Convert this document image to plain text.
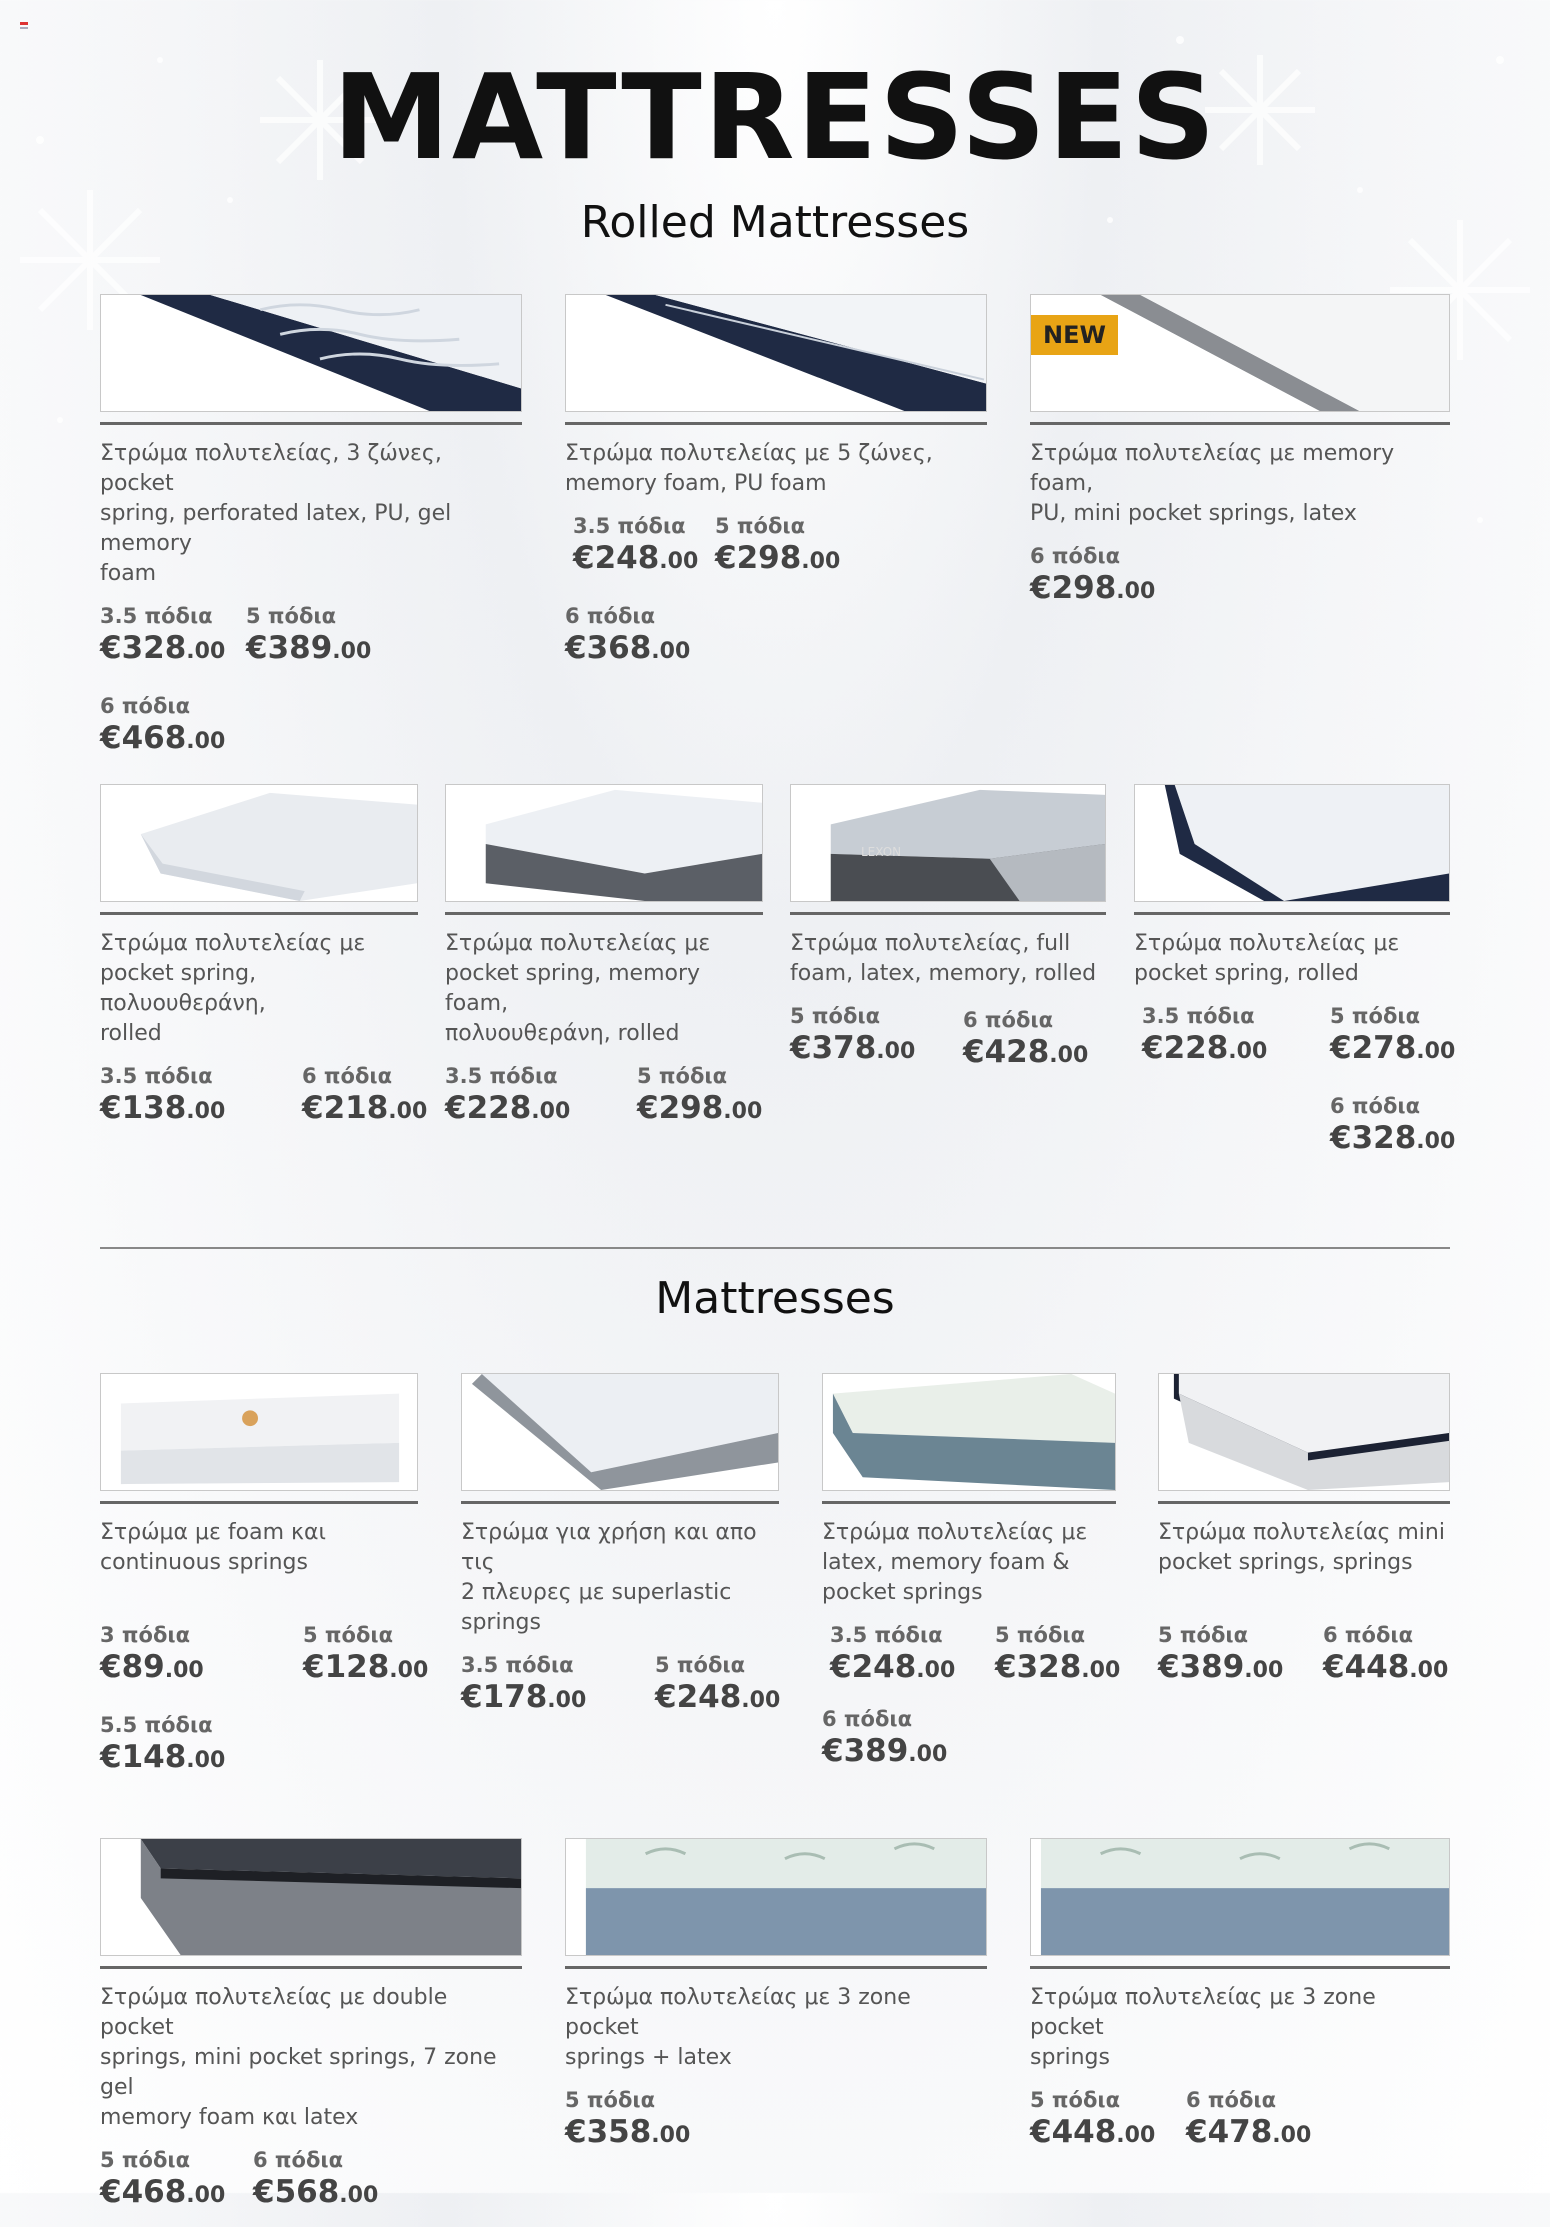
MATTRESSES
Rolled Mattresses
Στρώμα πολυτελείας, 3 ζώνες, pocket
spring, perforated latex, PU, gel memory
foam
3.5 πόδια
€328.00
5 πόδια
€389.00
6 πόδια
€468.00
Στρώμα πολυτελείας με 5 ζώνες,
memory foam, PU foam
3.5 πόδια
€248.00
5 πόδια
€298.00
6 πόδια
€368.00
NEW
Στρώμα πολυτελείας με memory foam,
PU, mini pocket springs, latex
6 πόδια
€298.00
Στρώμα πολυτελείας με
pocket spring, πολυουθεράνη,
rolled
3.5 πόδια
€138.00
6 πόδια
€218.00
Στρώμα πολυτελείας με
pocket spring, memory foam,
πολυουθεράνη, rolled
3.5 πόδια
€228.00
5 πόδια
€298.00
LEXON
Στρώμα πολυτελείας, full
foam, latex, memory, rolled
5 πόδια
€378.00
6 πόδια
€428.00
Στρώμα πολυτελείας με
pocket spring, rolled
3.5 πόδια
€228.00
5 πόδια
€278.00
6 πόδια
€328.00
Mattresses
Στρώμα με foam και
continuous springs
3 πόδια
€89.00
5 πόδια
€128.00
5.5 πόδια
€148.00
Στρώμα για χρήση και απο τις
2 πλευρες με superlastic
springs
3.5 πόδια
€178.00
5 πόδια
€248.00
Στρώμα πολυτελείας με
latex, memory foam &
pocket springs
3.5 πόδια
€248.00
5 πόδια
€328.00
6 πόδια
€389.00
Στρώμα πολυτελείας mini
pocket springs, springs
5 πόδια
€389.00
6 πόδια
€448.00
Στρώμα πολυτελείας με double pocket
springs, mini pocket springs, 7 zone gel
memory foam και latex
5 πόδια
€468.00
6 πόδια
€568.00
Στρώμα πολυτελείας με 3 zone pocket
springs + latex
5 πόδια
€358.00
Στρώμα πολυτελείας με 3 zone pocket
springs
5 πόδια
€448.00
6 πόδια
€478.00
